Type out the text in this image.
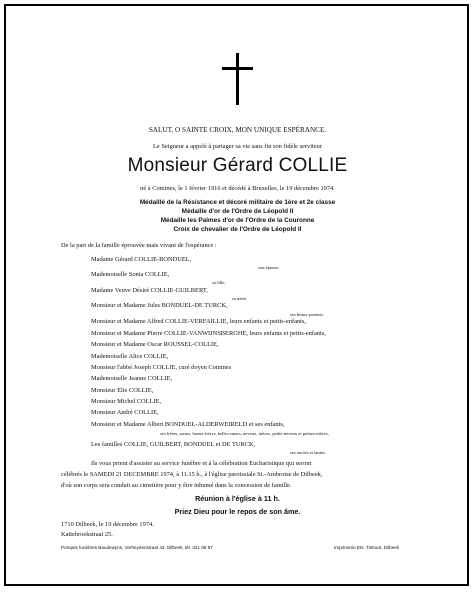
SALUT, O SAINTE CROIX, MON UNIQUE ESPÉRANCE.
Le Seigneur a appelé à partager sa vie sans fin son fidèle serviteur
Monsieur Gérard COLLIE
né à Comines, le 1 février 1916 et décédé à Bruxelles, le 19 décembre 1974.
Médaillé de la Résistance et décoré militaire de 1ère et 2e classe
Médaille d'or de l'Ordre de Léopold II
Médaille les Palmes d'or de l'Ordre de la Couronne
Croix de chevalier de l'Ordre de Léopold II
De la part de la famille éprouvée mais vivant de l'espérance :
Madame Gérard COLLIE-BONDUEL,
son épouse,
Mademoiselle Sonia COLLIE,
sa fille,
Madame Veuve Désiré COLLIE-GUILBERT,
sa mère,
Monsieur et Madame Jules BONDUEL-DE TURCK,
ses beaux-parents,
Monsieur et Madame Alfred COLLIE-VERFAILLIE, leurs enfants et petits-enfants,
Monsieur et Madame Pierre COLLIE-VANWIJNSBERGHE, leurs enfants et petits-enfants,
Monsieur et Madame Oscar ROUSSEL-COLLIE,
Mademoiselle Alice COLLIE,
Monsieur l'abbé Joseph COLLIE, curé doyen Comines
Mademoiselle Jeanne COLLIE,
Monsieur Elie COLLIE,
Monsieur Michel COLLIE,
Monsieur André COLLIE,
Monsieur et Madame Albert BONDUEL-ALDERWEIRELD et ses enfants,
ses frères, sœurs, beaux-frères, belles-sœurs, neveux, nièces, petits-neveux et petites-nièces,
Les familles COLLIE, GUILBERT, BONDUEL et DE TURCK,
ses oncles et tantes.
Ils vous prient d'assister au service funèbre et à la célébration Eucharistique qui seront
célébrés le SAMEDI 21 DECEMBRE 1974, à 11.15 h., à l'église paroissiale St.-Ambroise de Dilbeek,
d'où son corps sera conduit au cimetière pour y être inhumé dans la concession de famille.
Réunion à l'église à 11 h.
Priez Dieu pour le repos de son âme.
1710 Dilbeek, le 19 décembre 1974.
Kattebroekstraat 25.
Pompes funèbres Baudewyns, Verheydenstraat 43, Dilbeek, tél. 321 06 57	Imprimerie Ets. Tiebout, Dilbeek
